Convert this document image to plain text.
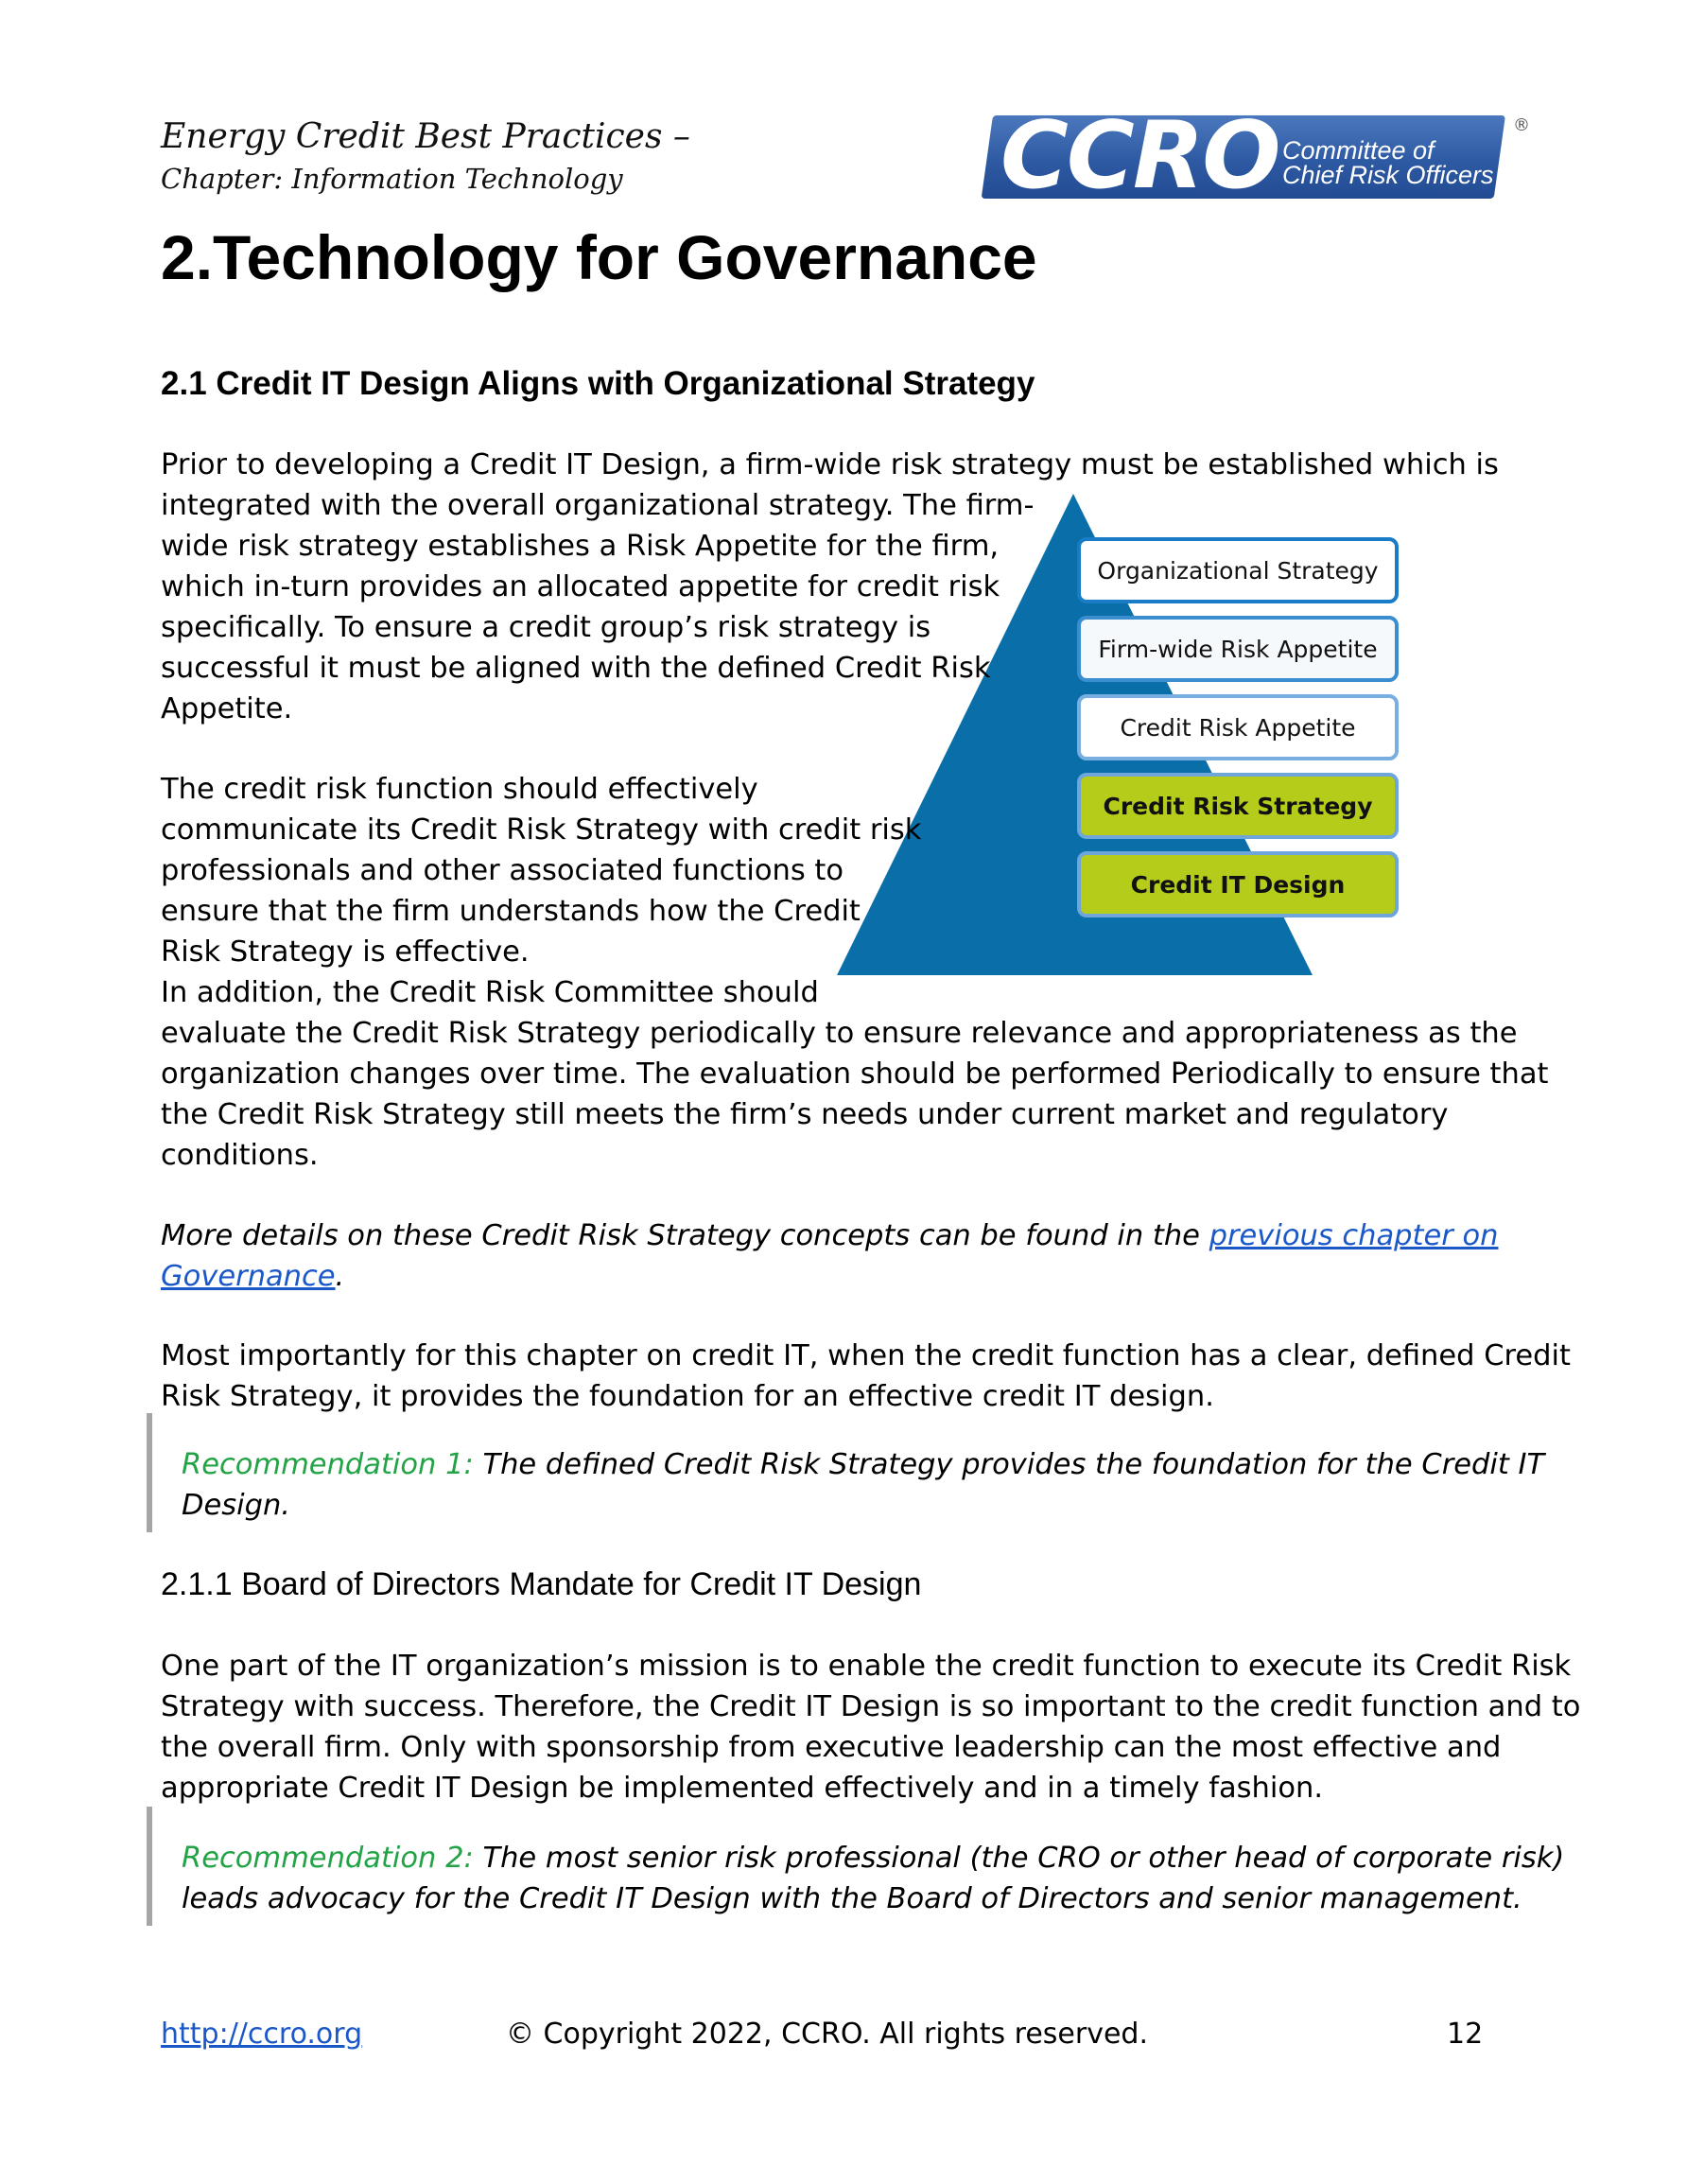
Energy Credit Best Practices –
Chapter: Information Technology	CCRO Committee of
Chief Risk Officers
®
2.Technology for Governance
2.1 Credit IT Design Aligns with Organizational Strategy
Organizational Strategy
Firm-wide Risk Appetite
Credit Risk Appetite
Credit Risk Strategy
Credit IT Design
Prior to developing a Credit IT Design, a firm-wide risk strategy must be established which is
integrated with the overall organizational strategy. The firm-
wide risk strategy establishes a Risk Appetite for the firm,
which in-turn provides an allocated appetite for credit risk
specifically. To ensure a credit group’s risk strategy is
successful it must be aligned with the defined Credit Risk
Appetite.
The credit risk function should effectively
communicate its Credit Risk Strategy with credit risk
professionals and other associated functions to
ensure that the firm understands how the Credit
Risk Strategy is effective.
In addition, the Credit Risk Committee should
evaluate the Credit Risk Strategy periodically to ensure relevance and appropriateness as the
organization changes over time. The evaluation should be performed Periodically to ensure that
the Credit Risk Strategy still meets the firm’s needs under current market and regulatory
conditions.
More details on these Credit Risk Strategy concepts can be found in the previous chapter on
Governance.
Most importantly for this chapter on credit IT, when the credit function has a clear, defined Credit
Risk Strategy, it provides the foundation for an effective credit IT design.
Recommendation 1: The defined Credit Risk Strategy provides the foundation for the Credit IT
Design.
2.1.1 Board of Directors Mandate for Credit IT Design
One part of the IT organization’s mission is to enable the credit function to execute its Credit Risk
Strategy with success. Therefore, the Credit IT Design is so important to the credit function and to
the overall firm. Only with sponsorship from executive leadership can the most effective and
appropriate Credit IT Design be implemented effectively and in a timely fashion.
Recommendation 2: The most senior risk professional (the CRO or other head of corporate risk)
leads advocacy for the Credit IT Design with the Board of Directors and senior management.
http://ccro.org	© Copyright 2022, CCRO. All rights reserved.	12
